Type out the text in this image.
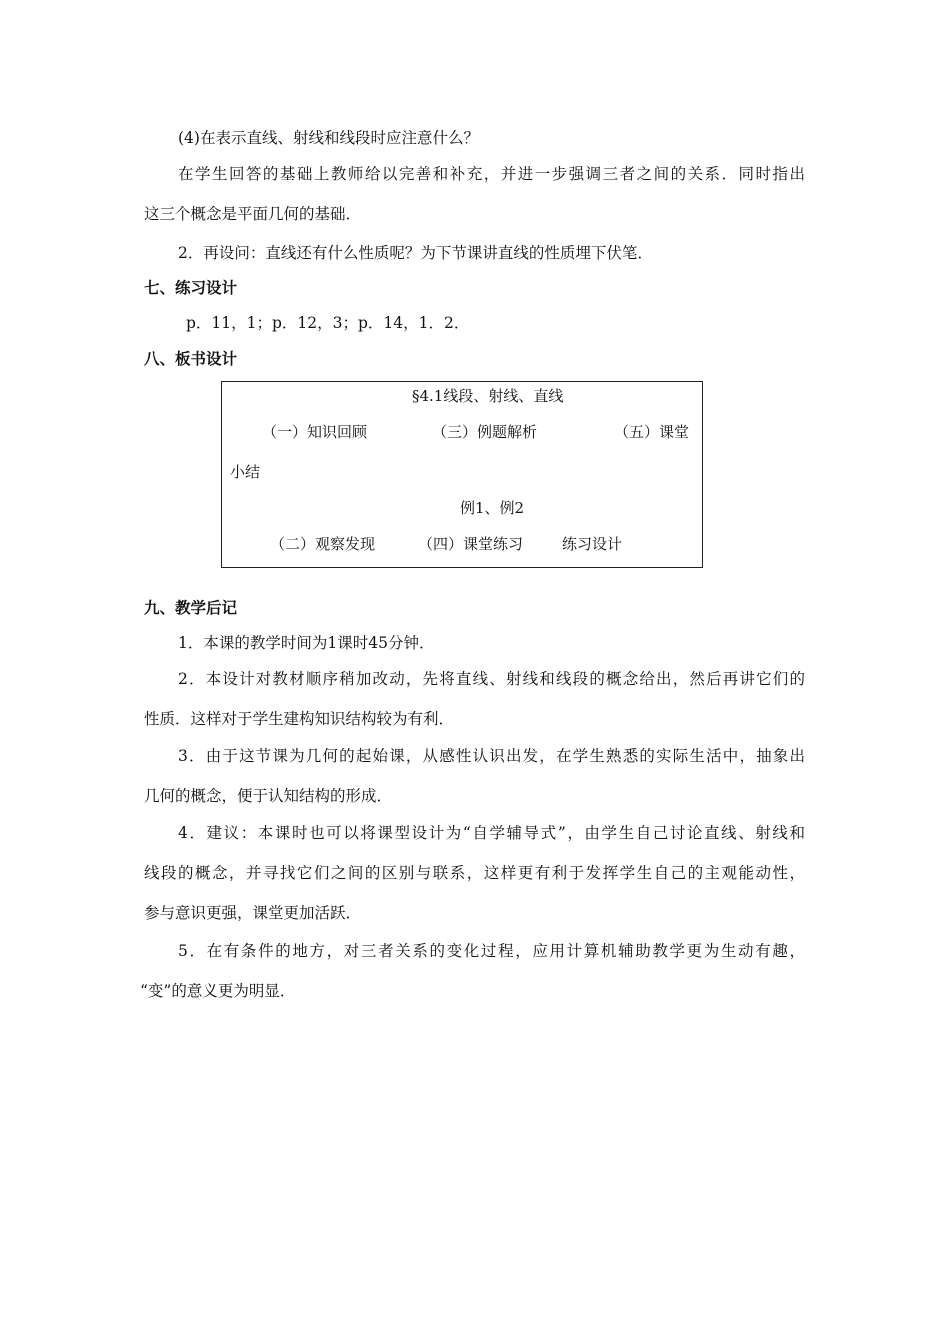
(4)在表示直线、射线和线段时应注意什么？
在学生回答的基础上教师给以完善和补充，并进一步强调三者之间的关系．同时指出
这三个概念是平面几何的基础．
2．再设问：直线还有什么性质呢？为下节课讲直线的性质埋下伏笔．
七、练习设计
p．11，1；p．12，3；p．14，1．2．
八、板书设计
§4.1线段、射线、直线
（一）知识回顾	（三）例题解析	（五）课堂
小结
例1、例2
（二）观察发现	（四）课堂练习	练习设计
九、教学后记
1．本课的教学时间为1课时45分钟．
2．本设计对教材顺序稍加改动，先将直线、射线和线段的概念给出，然后再讲它们的
性质．这样对于学生建构知识结构较为有利．
3．由于这节课为几何的起始课，从感性认识出发，在学生熟悉的实际生活中，抽象出
几何的概念，便于认知结构的形成．
4．建议：本课时也可以将课型设计为“自学辅导式”，由学生自己讨论直线、射线和
线段的概念，并寻找它们之间的区别与联系，这样更有利于发挥学生自己的主观能动性，
参与意识更强，课堂更加活跃．
5．在有条件的地方，对三者关系的变化过程，应用计算机辅助教学更为生动有趣，
“变”的意义更为明显．
